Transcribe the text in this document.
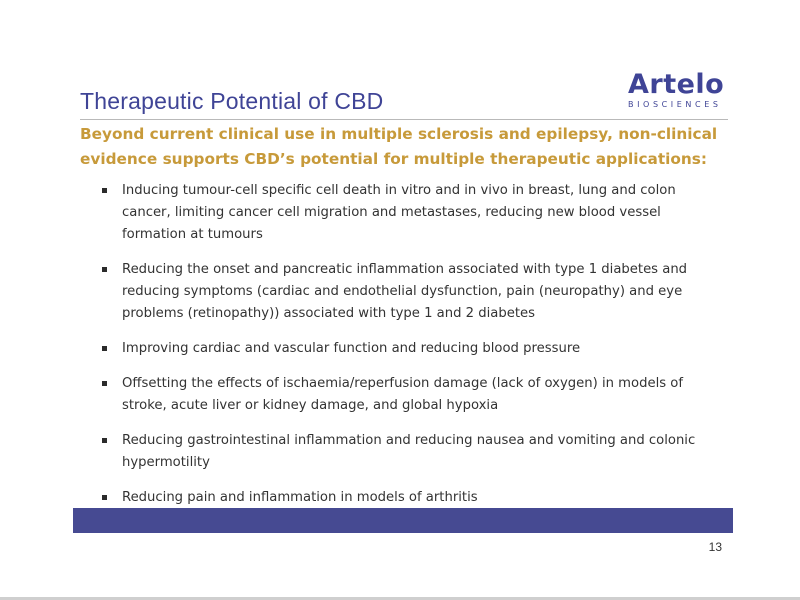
Therapeutic Potential of CBD
Artelo
BIOSCIENCES
Beyond current clinical use in multiple sclerosis and epilepsy, non-clinical evidence supports CBD’s potential for multiple therapeutic applications:
Inducing tumour-cell specific cell death in vitro and in vivo in breast, lung and colon cancer, limiting cancer cell migration and metastases, reducing new blood vessel formation at tumours
Reducing the onset and pancreatic inflammation associated with type 1 diabetes and reducing symptoms (cardiac and endothelial dysfunction, pain (neuropathy) and eye problems (retinopathy)) associated with type 1 and 2 diabetes
Improving cardiac and vascular function and reducing blood pressure
Offsetting the effects of ischaemia/reperfusion damage (lack of oxygen) in models of stroke, acute liver or kidney damage, and global hypoxia
Reducing gastrointestinal inflammation and reducing nausea and vomiting and colonic hypermotility
Reducing pain and inflammation in models of arthritis
13
